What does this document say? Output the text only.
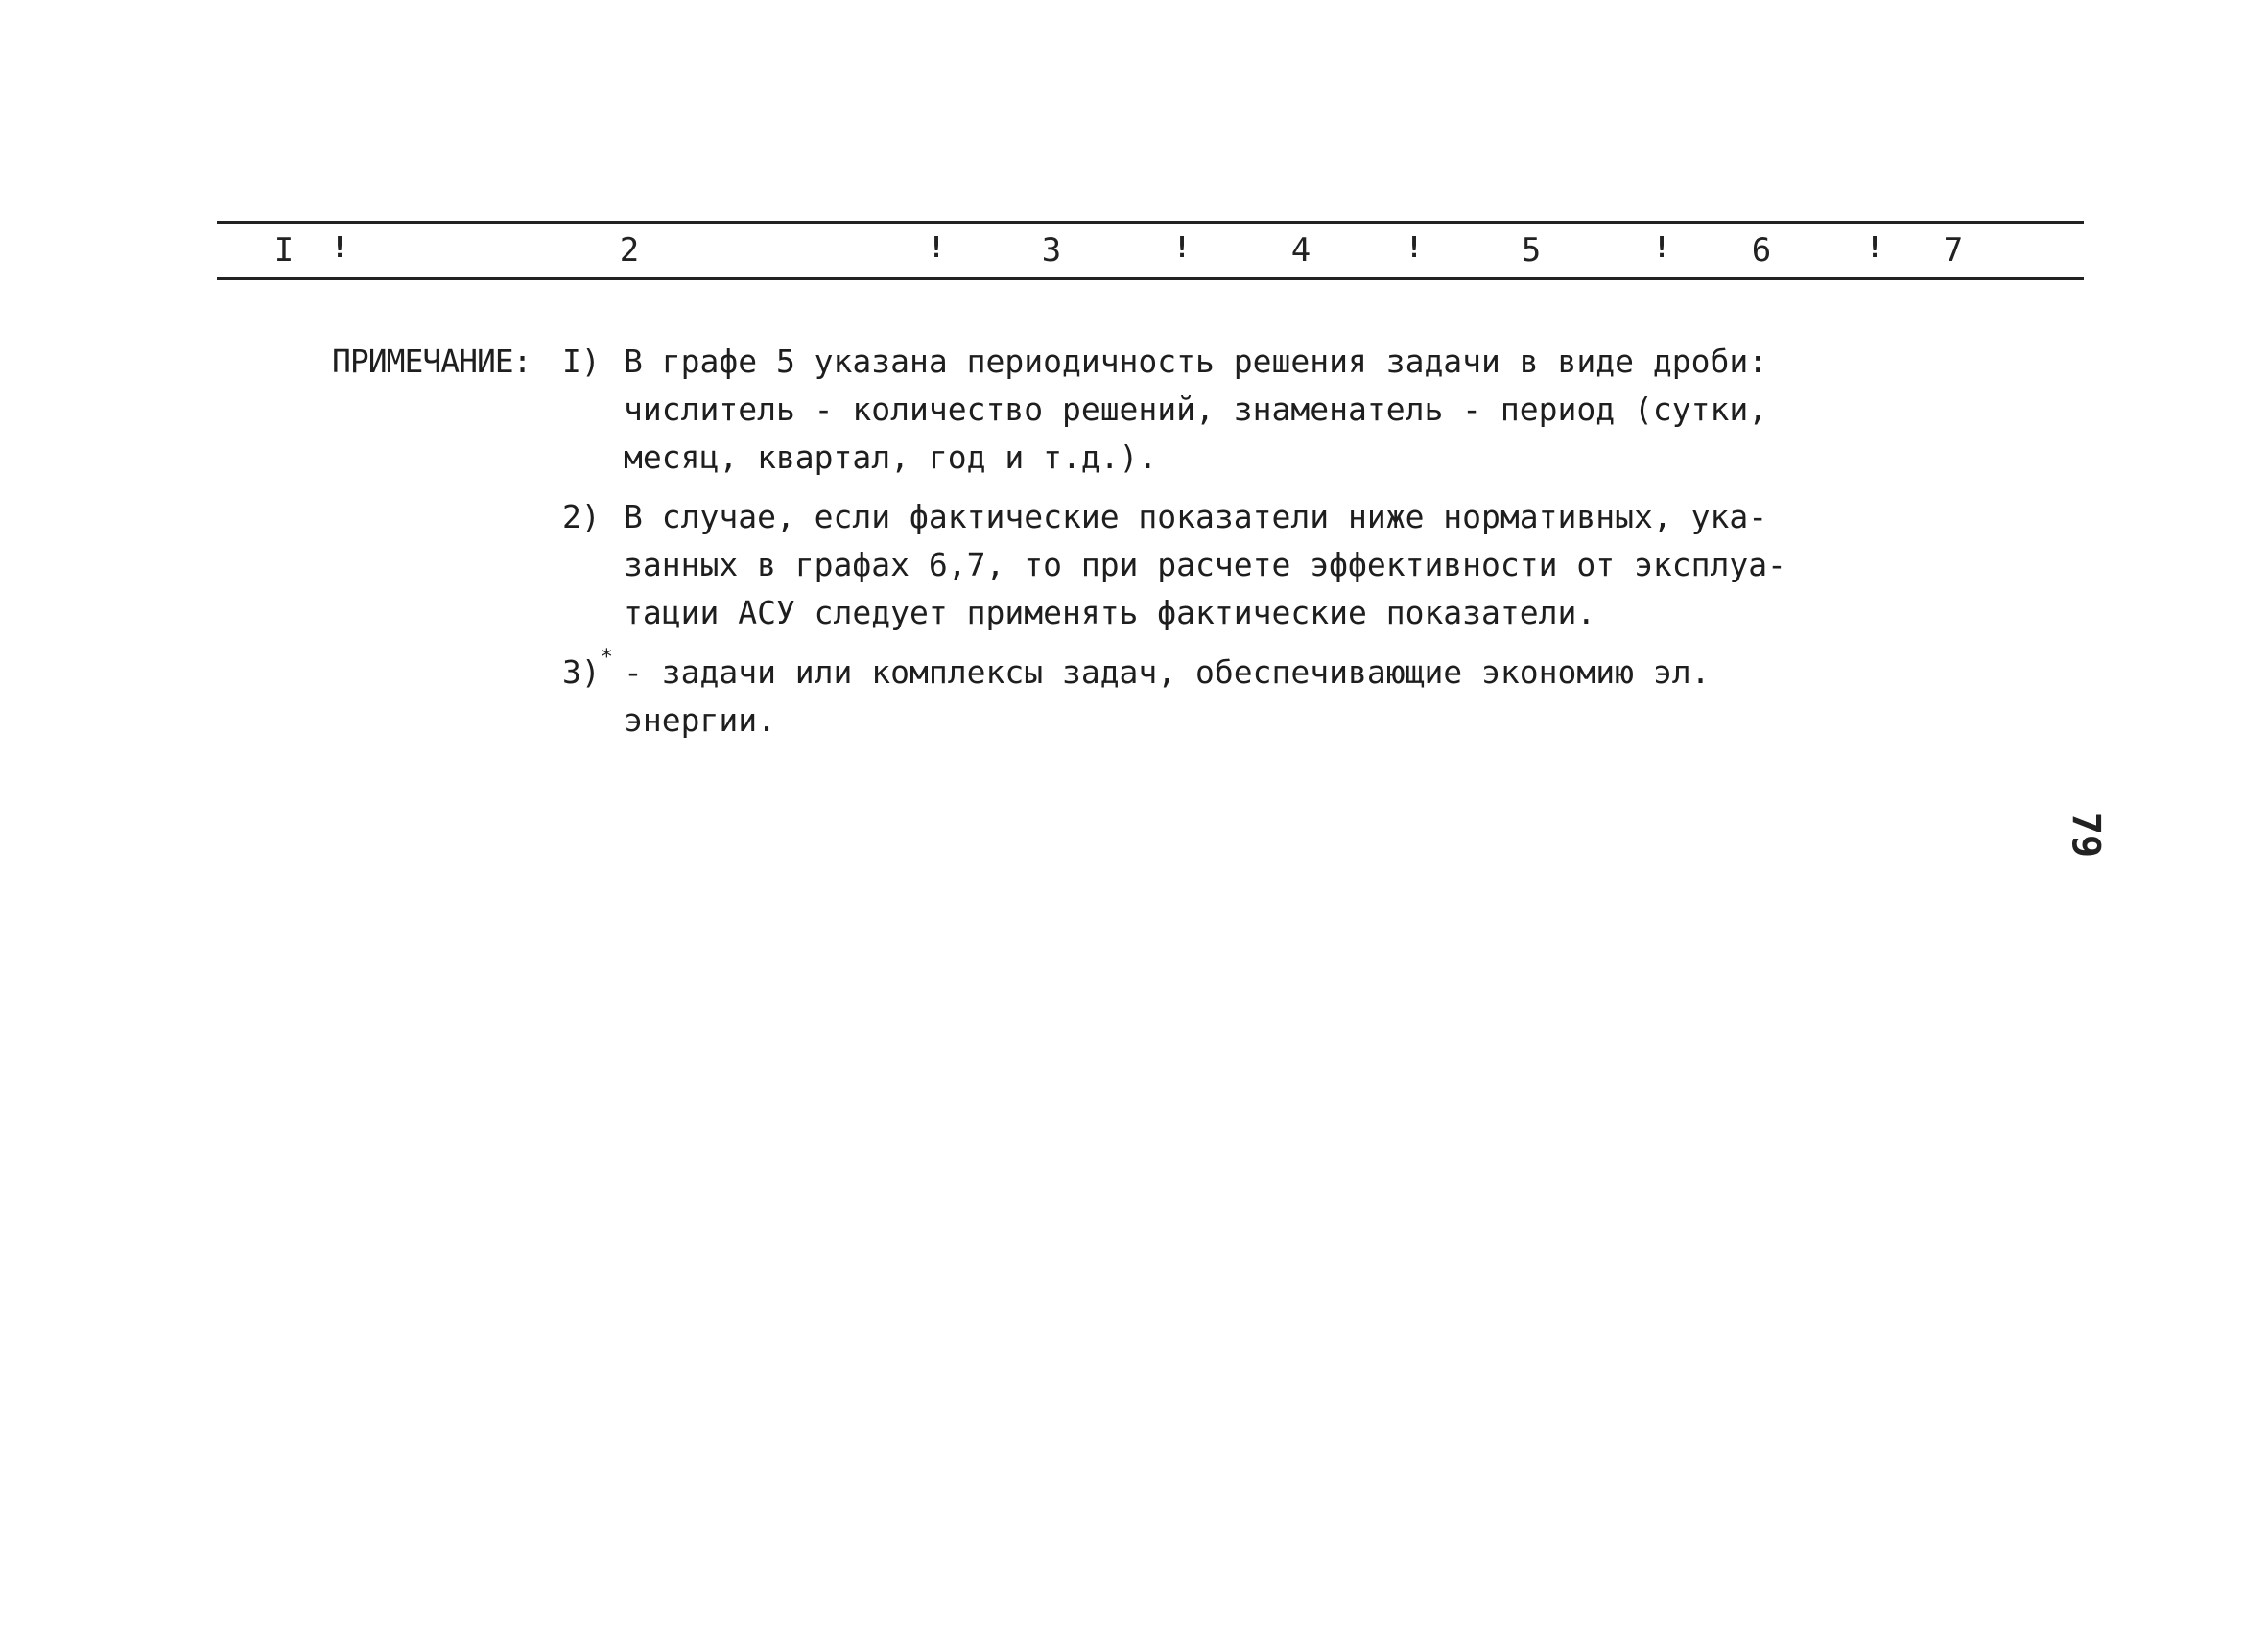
I !	2	!	3	!	4	!	5	! 6	! 7
ПРИМЕЧАНИЕ: I) В графе 5 указана периодичность решения задачи в виде дроби:
числитель - количество решений, знаменатель - период (сутки,
месяц, квартал, год и т.д.).
2) В случае, если фактические показатели ниже нормативных, ука-
занных в графах 6,7, то при расчете эффективности от эксплуа-
тации АСУ следует применять фактические показатели.
3)* - задачи или комплексы задач, обеспечивающие экономию эл.
энергии.
79
